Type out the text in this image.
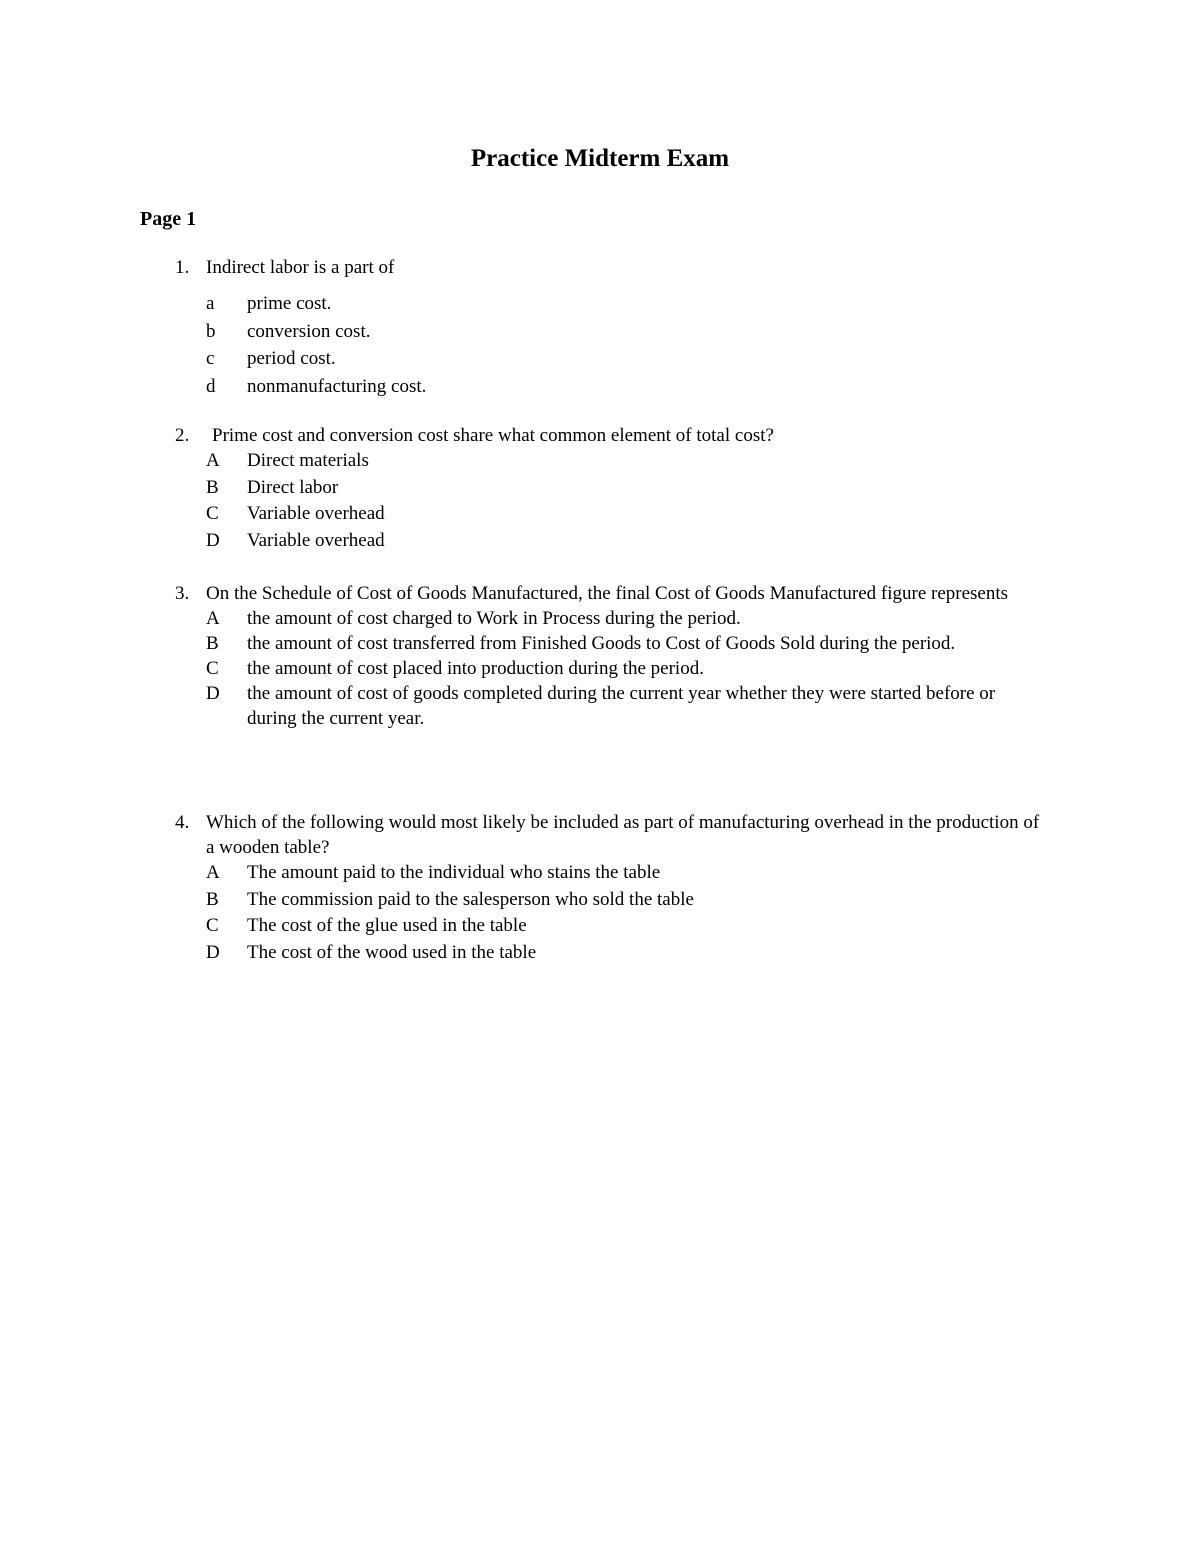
Practice Midterm Exam
Page 1
1. Indirect labor is a part of
a	prime cost.
b	conversion cost.
c	period cost.
d	nonmanufacturing cost.
2.	Prime cost and conversion cost share what common element of total cost?
A	Direct materials
B	Direct labor
C	Variable overhead
D	Variable overhead
3. On the Schedule of Cost of Goods Manufactured, the final Cost of Goods Manufactured figure represents
A	the amount of cost charged to Work in Process during the period.
B	the amount of cost transferred from Finished Goods to Cost of Goods Sold during the period.
C	the amount of cost placed into production during the period.
D	the amount of cost of goods completed during the current year whether they were started before or during the current year.
4. Which of the following would most likely be included as part of manufacturing overhead in the production of a wooden table?
A	The amount paid to the individual who stains the table
B	The commission paid to the salesperson who sold the table
C	The cost of the glue used in the table
D	The cost of the wood used in the table
